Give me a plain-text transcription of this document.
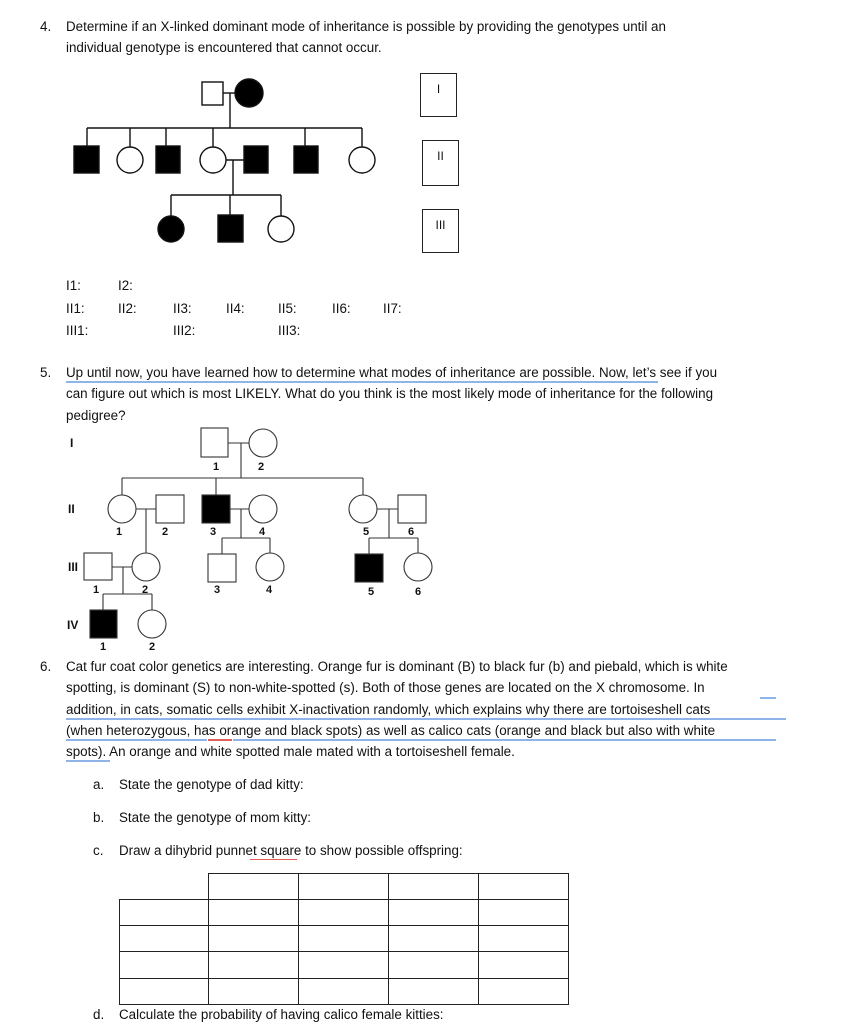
4. Determine if an X-linked dominant mode of inheritance is possible by providing the genotypes until an
individual genotype is encountered that cannot occur.
I
II
III
I1:	I2:
II1: II2:	II3:	II4: II5:	II6: II7:
III1:	III2:	III3:
5. Up until now, you have learned how to determine what modes of inheritance are possible. Now, let’s see if you
can figure out which is most LIKELY. What do you think is the most likely mode of inheritance for the following
pedigree?
I
II
III
IV
1	2
1	2	3	4	5	6
1	2	3	4	5	6
1	2
6. Cat fur coat color genetics are interesting. Orange fur is dominant (B) to black fur (b) and piebald, which is white
spotting, is dominant (S) to non-white-spotted (s). Both of those genes are located on the X chromosome. In
addition, in cats, somatic cells exhibit X-inactivation randomly, which explains why there are tortoiseshell cats
(when heterozygous, has orange and black spots) as well as calico cats (orange and black but also with white
spots). An orange and white spotted male mated with a tortoiseshell female.
a. State the genotype of dad kitty:
b. State the genotype of mom kitty:
c. Draw a dihybrid punnet square to show possible offspring:
d. Calculate the probability of having calico female kitties:
